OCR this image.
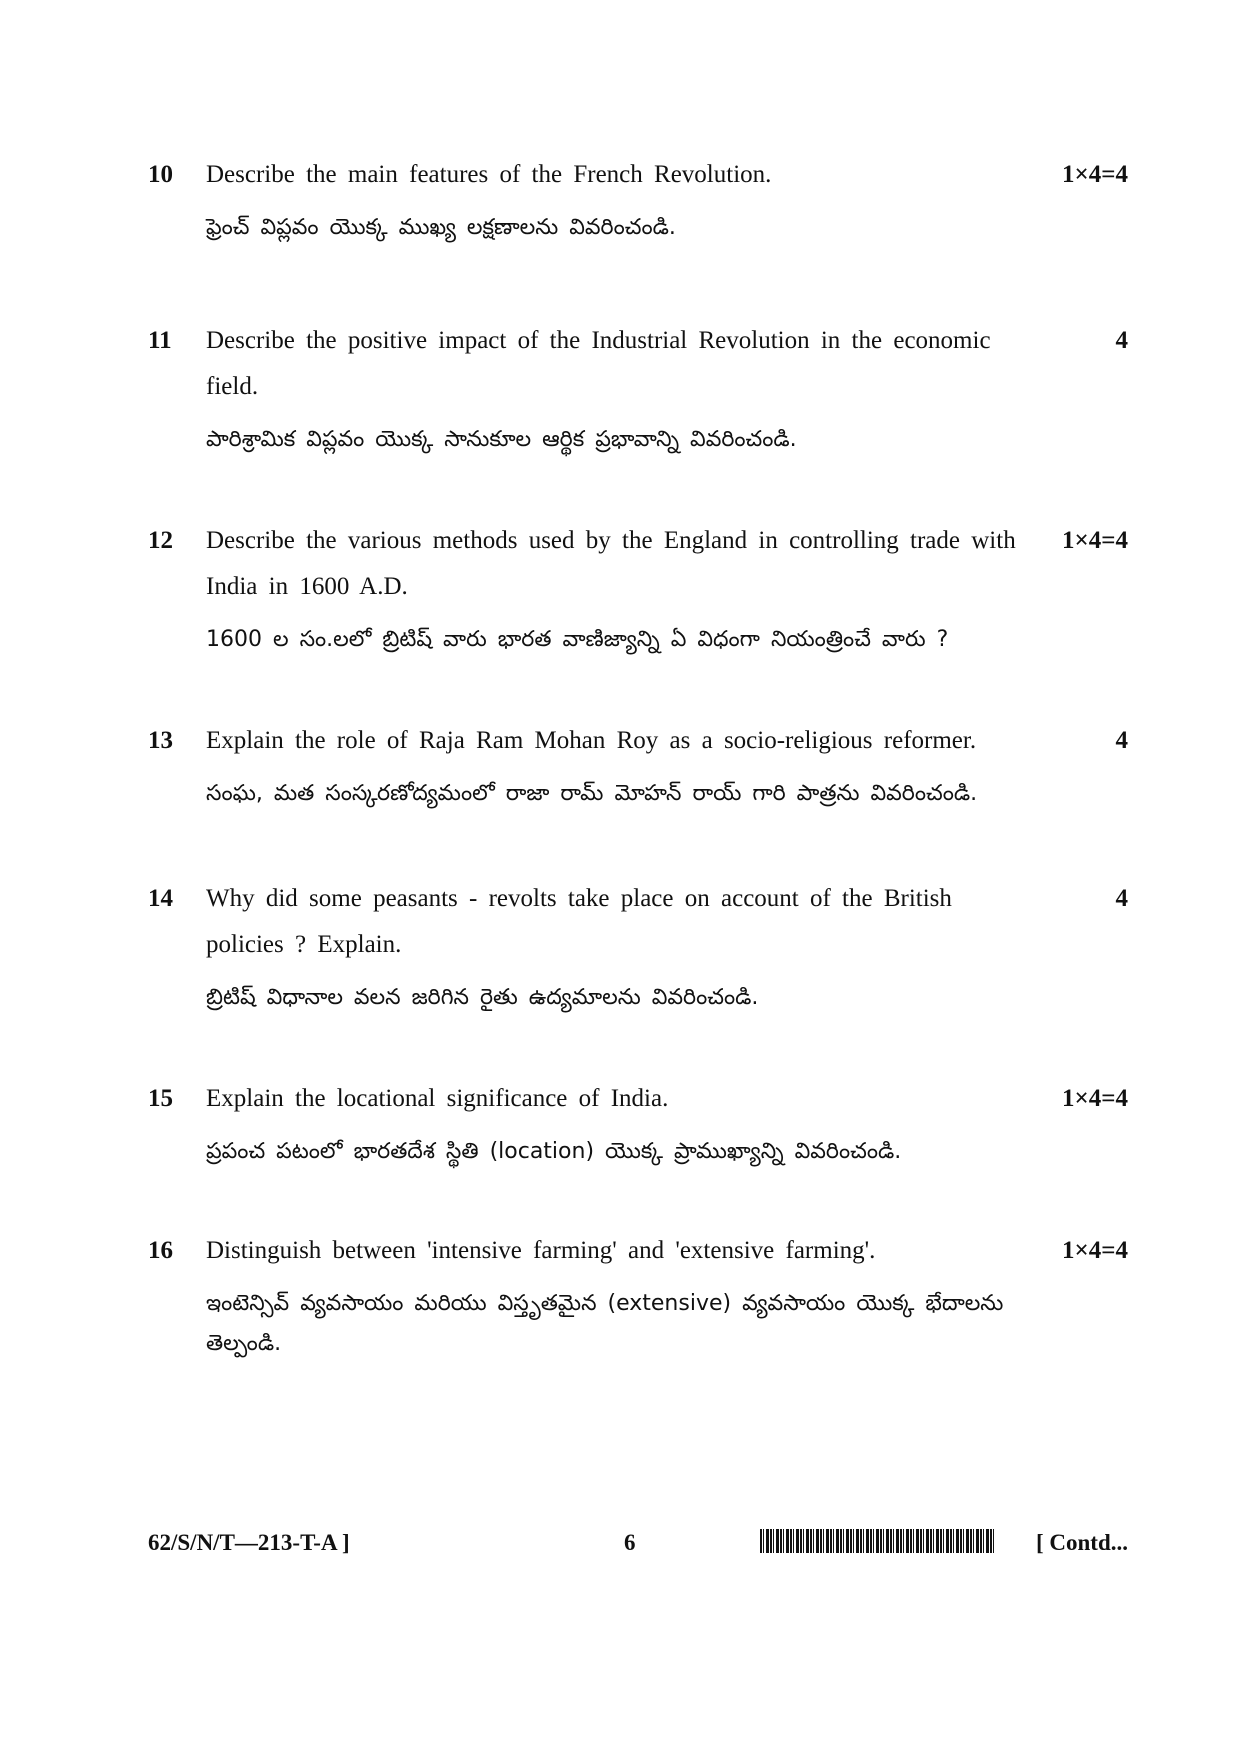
10 Describe the main features of the French Revolution.

ఫ్రెంచ్ విప్లవం యొక్క ముఖ్య లక్షణాలను వివరించండి.

1×4=4
11 Describe the positive impact of the Industrial Revolution in the economic field.

పారిశ్రామిక విప్లవం యొక్క సానుకూల ఆర్థిక ప్రభావాన్ని వివరించండి.

4
12 Describe the various methods used by the England in controlling trade with India in 1600 A.D.

1600 ల సం.లలో బ్రిటిష్ వారు భారత వాణిజ్యాన్ని ఏ విధంగా నియంత్రించే వారు ?

1×4=4
13 Explain the role of Raja Ram Mohan Roy as a socio-religious reformer.

సంఘ, మత సంస్కరణోద్యమంలో రాజా రామ్ మోహన్ రాయ్ గారి పాత్రను వివరించండి.

4
14 Why did some peasants - revolts take place on account of the British policies ? Explain.

బ్రిటిష్ విధానాల వలన జరిగిన రైతు ఉద్యమాలను వివరించండి.

4
15 Explain the locational significance of India.

ప్రపంచ పటంలో భారతదేశ స్థితి (location) యొక్క ప్రాముఖ్యాన్ని వివరించండి.

1×4=4
16 Distinguish between 'intensive farming' and 'extensive farming'.

ఇంటెన్సివ్ వ్యవసాయం మరియు విస్తృతమైన (extensive) వ్యవసాయం యొక్క భేదాలను తెల్పండి.

1×4=4
62/S/N/T—213-T-A ]	6	[ Contd...
